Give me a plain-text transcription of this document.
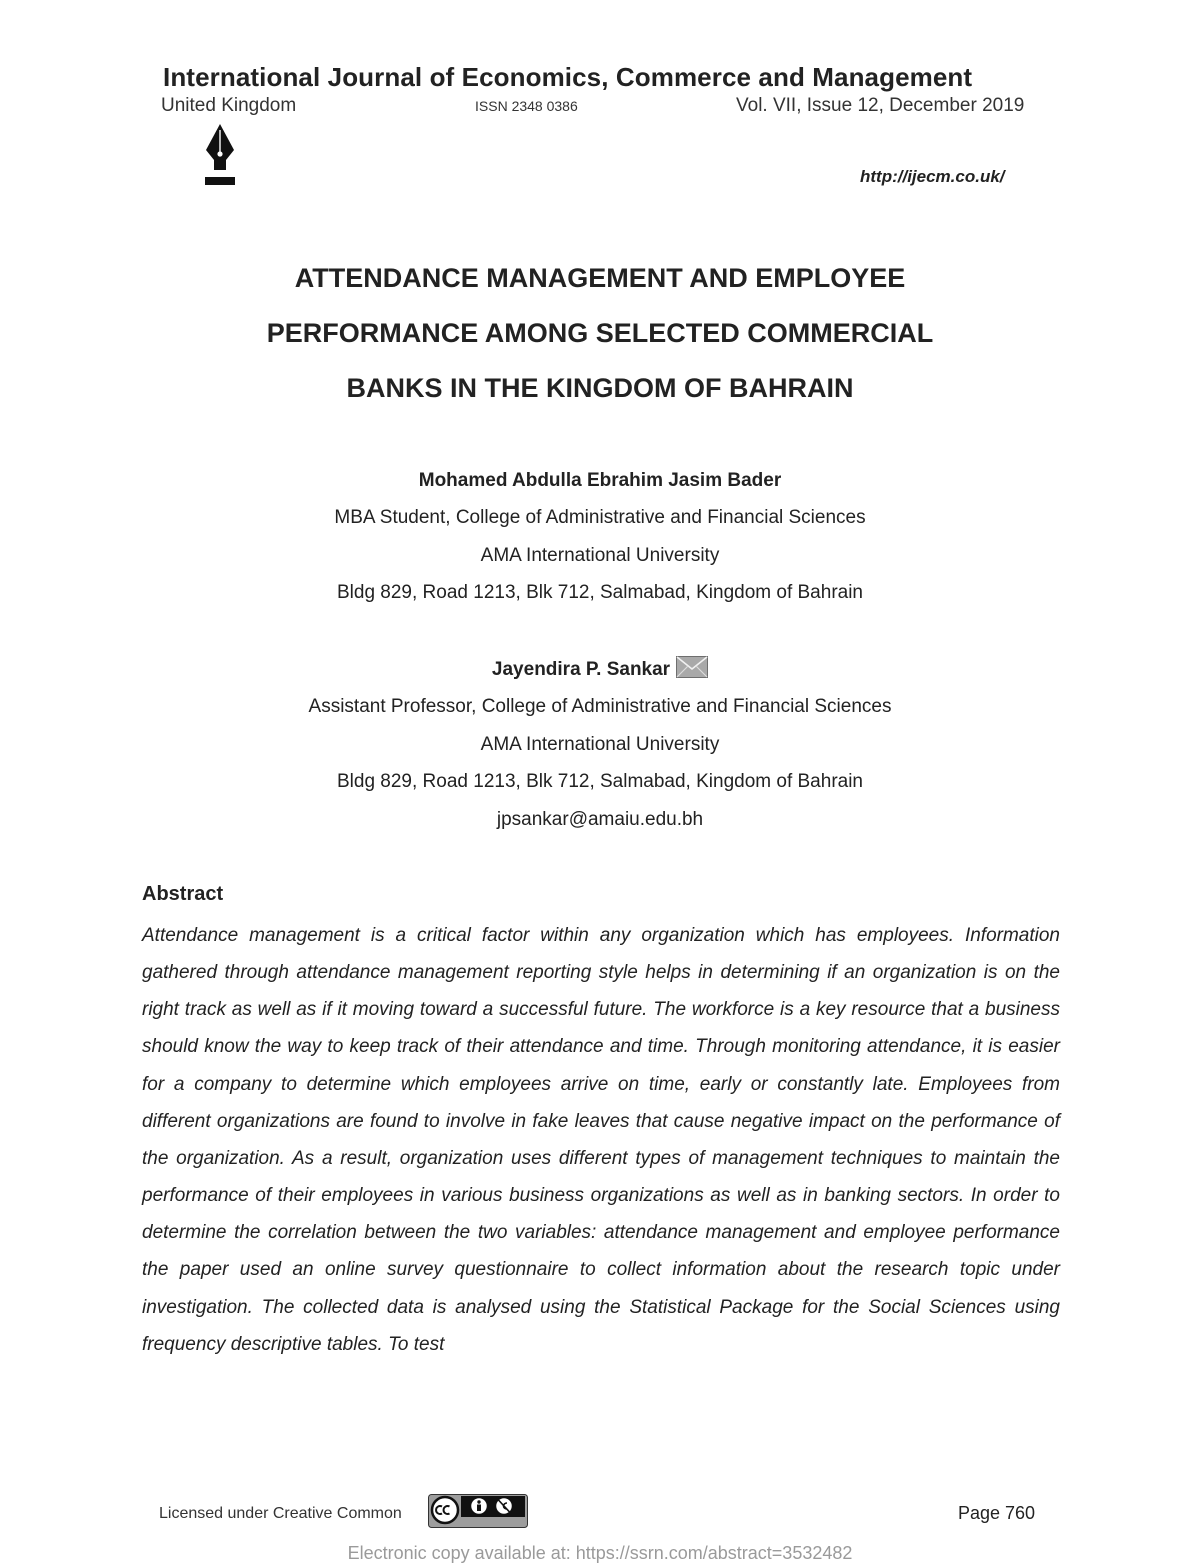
International Journal of Economics, Commerce and Management
United Kingdom	ISSN 2348 0386	Vol. VII, Issue 12, December 2019
http://ijecm.co.uk/
ATTENDANCE MANAGEMENT AND EMPLOYEE
PERFORMANCE AMONG SELECTED COMMERCIAL
BANKS IN THE KINGDOM OF BAHRAIN
Mohamed Abdulla Ebrahim Jasim Bader
MBA Student, College of Administrative and Financial Sciences
AMA International University
Bldg 829, Road 1213, Blk 712, Salmabad, Kingdom of Bahrain
Jayendira P. Sankar
Assistant Professor, College of Administrative and Financial Sciences
AMA International University
Bldg 829, Road 1213, Blk 712, Salmabad, Kingdom of Bahrain
jpsankar@amaiu.edu.bh
Abstract
Attendance management is a critical factor within any organization which has employees. Information gathered through attendance management reporting style helps in determining if an organization is on the right track as well as if it moving toward a successful future. The workforce is a key resource that a business should know the way to keep track of their attendance and time. Through monitoring attendance, it is easier for a company to determine which employees arrive on time, early or constantly late. Employees from different organizations are found to involve in fake leaves that cause negative impact on the performance of the organization. As a result, organization uses different types of management techniques to maintain the performance of their employees in various business organizations as well as in banking sectors. In order to determine the correlation between the two variables: attendance management and employee performance the paper used an online survey questionnaire to collect information about the research topic under investigation. The collected data is analysed using the Statistical Package for the Social Sciences using frequency descriptive tables. To test
Licensed under Creative Common	Page 760
Electronic copy available at: https://ssrn.com/abstract=3532482
